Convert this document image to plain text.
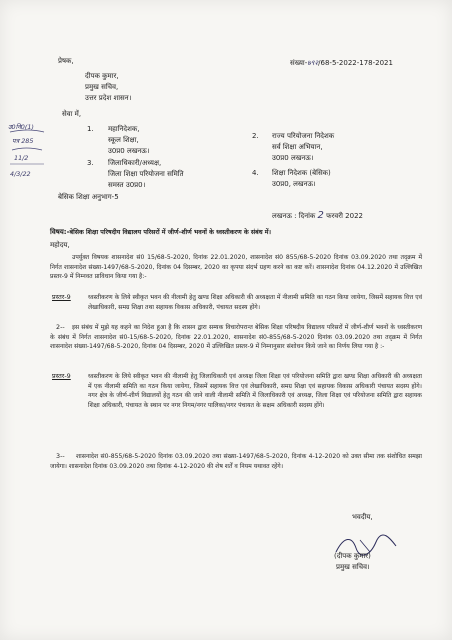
संख्या-७९२/68-5-2022-178-2021
प्रेषक,
दीपक कुमार,
प्रमुख सचिव,
उत्तर प्रदेश शासन।
सेवा में,
उ0नि0(1)
पत्र 285
11/2
4/3/22
1. महानिदेशक,
स्कूल शिक्षा,
उ0प्र0 लखनऊ।
2. राज्य परियोजना निदेशक
सर्व शिक्षा अभियान,
उ0प्र0 लखनऊ।
3. जिलाधिकारी/अध्यक्ष,
जिला शिक्षा परियोजना समिति
समस्त उ0प्र0।
4. शिक्षा निदेशक (बेसिक)
उ0प्र0, लखनऊ।
बेसिक शिक्षा अनुभाग-5
लखनऊ : दिनांक 2 फरवरी 2022
विषय:-बेसिक शिक्षा परिषदीय विद्यालय परिसरों में जीर्ण-शीर्ण भवनों के ध्वस्तीकरण के संबंध में।
महोदय,
उपर्युक्त विषयक शासनादेश सं0 15/68-5-2020, दिनांक 22.01.2020, शासनादेश सं0 855/68-5-2020 दिनांक 03.09.2020 तथा तद्क्रम में निर्गत शासनादेश संख्या-1497/68-5-2020, दिनांक 04 दिसम्बर, 2020 का कृपया संदर्भ ग्रहण करने का कष्ट करें। शासनादेश दिनांक 04.12.2020 में उल्लिखित प्रस्तर-9 में निम्नवत प्राविधान किया गया है:-
ध्वस्तीकरण के लिये स्वीकृत भवन की नीलामी हेतु खण्ड शिक्षा अधिकारी की अध्यक्षता में नीलामी समिति का गठन किया जायेगा, जिसमें सहायक वित्त एवं लेखाधिकारी, समग्र शिक्षा तथा सहायक विकास अधिकारी, पंचायत सदस्य होंगे।
प्रस्तर-9
2--	इस संबंध में मुझे यह कहने का निदेश हुआ है कि शासन द्वारा सम्यक विचारोपरान्त बेसिक शिक्षा परिषदीय विद्यालय परिसरों में जीर्ण-शीर्ण भवनों के ध्वस्तीकरण के संबंध में निर्गत शासनादेश सं0-15/68-5-2020, दिनांक 22.01.2020, शासनादेश सं0-855/68-5-2020 दिनांक 03.09.2020 तथा तद्क्रम में निर्गत शासनादेश संख्या-1497/68-5-2020, दिनांक 04 दिसम्बर, 2020 में उल्लिखित प्रस्तर-9 में निम्नानुसार संशोधन किये जाने का निर्णय लिया गया है :-
प्रस्तर-9	ध्वस्तीकरण के लिये स्वीकृत भवन की नीलामी हेतु जिलाधिकारी एवं अध्यक्ष जिला शिक्षा एवं परियोजना समिति द्वारा खण्ड शिक्षा अधिकारी की अध्यक्षता में एक नीलामी समिति का गठन किया जायेगा, जिसमें सहायक वित्त एवं लेखाधिकारी, समग्र शिक्षा एवं सहायक विकास अधिकारी पंचायत सदस्य होंगे। नगर क्षेत्र के जीर्ण-शीर्ण विद्यालयों हेतु गठन की जाने वाली नीलामी समिति में जिलाधिकारी एवं अध्यक्ष, जिला शिक्षा एवं परियोजना समिति द्वारा सहायक शिक्षा अधिकारी, पंचायत के स्थान पर नगर निगम/नगर पालिका/नगर पंचायत के सक्षम अधिकारी सदस्य होंगे।
3--	शासनादेश सं0-855/68-5-2020 दिनांक 03.09.2020 तथा संख्या-1497/68-5-2020, दिनांक 4-12-2020 को उक्त सीमा तक संशोधित समझा जायेगा। शासनादेश दिनांक 03.09.2020 तथा दिनांक 4-12-2020 की शेष शर्तें व नियम यथावत रहेंगे।
भवदीय,
(दीपक कुमार)
प्रमुख सचिव।
